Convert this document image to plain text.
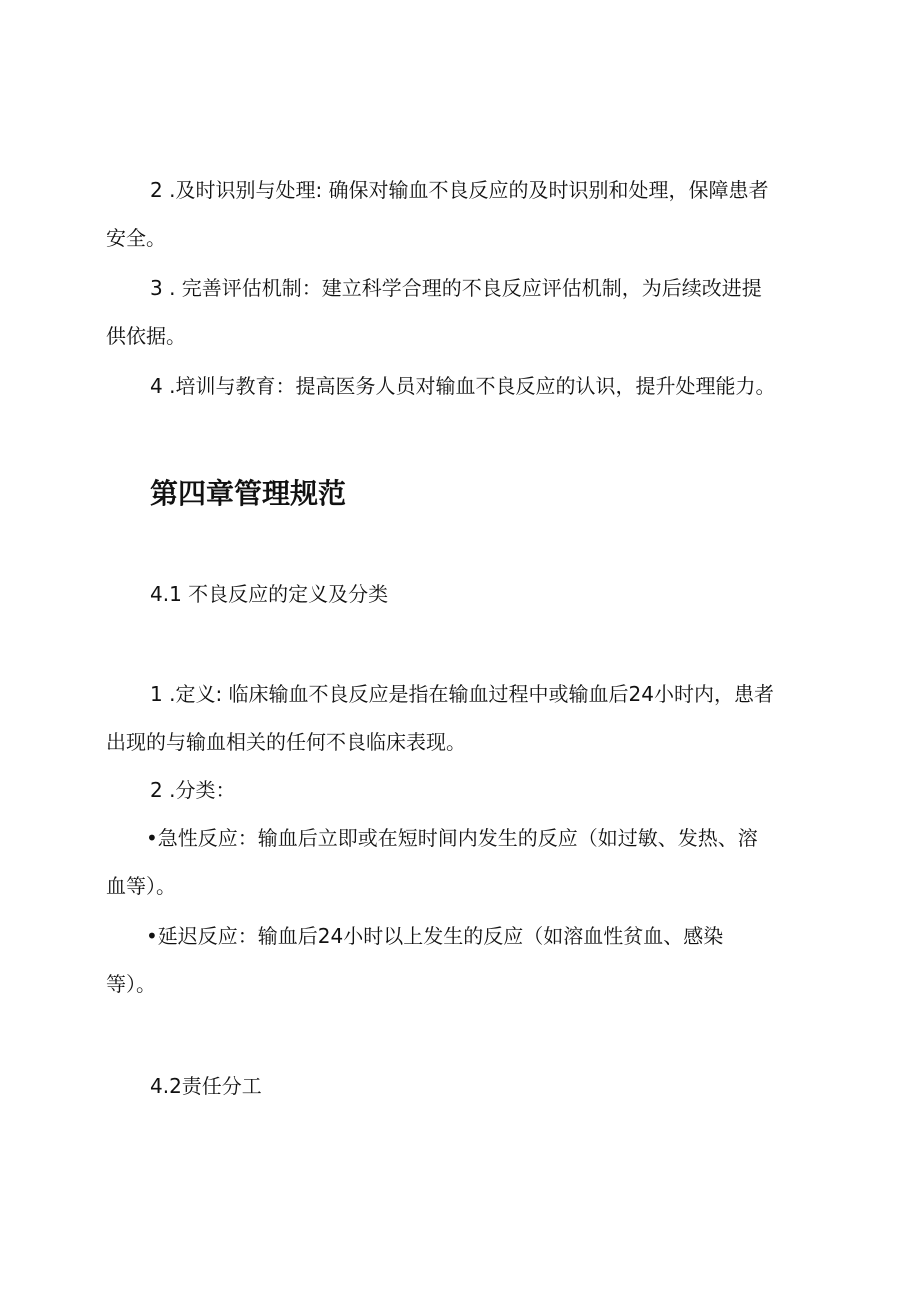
2 .及时识别与处理: 确保对输血不良反应的及时识别和处理，保障患者
安全。
3 . 完善评估机制：建立科学合理的不良反应评估机制，为后续改进提
供依据。
4 .培训与教育：提高医务人员对输血不良反应的认识，提升处理能力。
第四章管理规范
4.1 不良反应的定义及分类
1 .定义: 临床输血不良反应是指在输血过程中或输血后24小时内，患者
出现的与输血相关的任何不良临床表现。
2 .分类：
•急性反应：输血后立即或在短时间内发生的反应（如过敏、发热、溶
血等）。
•延迟反应：输血后24小时以上发生的反应（如溶血性贫血、感染
等）。
4.2责任分工
